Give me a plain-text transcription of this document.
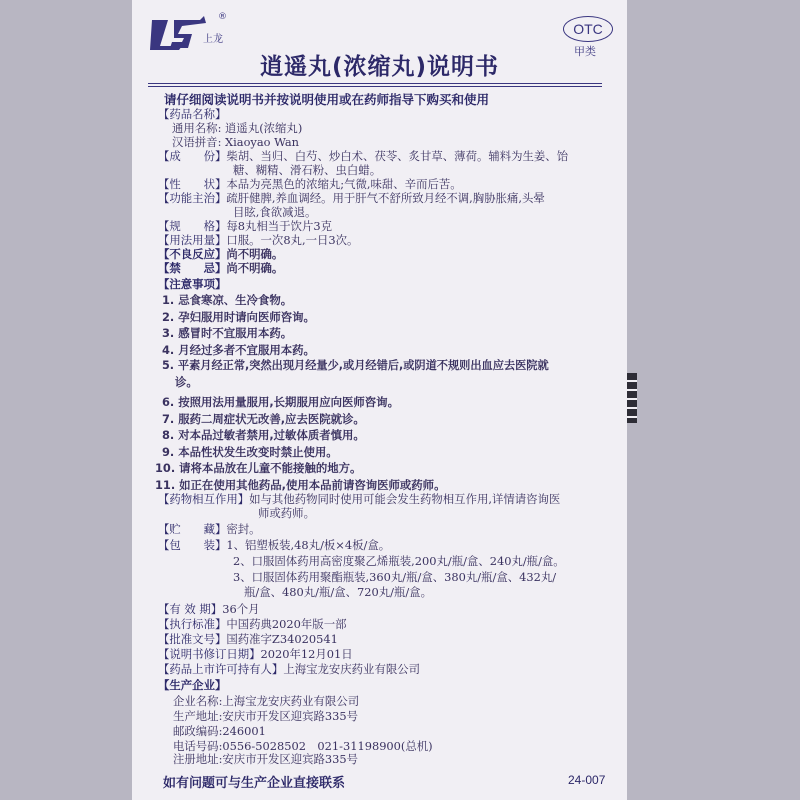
上龙
®
OTC
甲类
逍遥丸(浓缩丸)说明书
请仔细阅读说明书并按说明使用或在药师指导下购买和使用
【药品名称】
通用名称: 逍遥丸(浓缩丸)
汉语拼音: Xiaoyao Wan
【成　　份】柴胡、当归、白芍、炒白术、茯苓、炙甘草、薄荷。辅料为生姜、饴
糖、糊精、滑石粉、虫白蜡。
【性　　状】本品为亮黑色的浓缩丸;气微,味甜、辛而后苦。
【功能主治】疏肝健脾,养血调经。用于肝气不舒所致月经不调,胸胁胀痛,头晕
目眩,食欲减退。
【规　　格】每8丸相当于饮片3克
【用法用量】口服。一次8丸,一日3次。
【不良反应】尚不明确。
【禁　　忌】尚不明确。
【注意事项】
1. 忌食寒凉、生冷食物。
2. 孕妇服用时请向医师咨询。
3. 感冒时不宜服用本药。
4. 月经过多者不宜服用本药。
5. 平素月经正常,突然出现月经量少,或月经错后,或阴道不规则出血应去医院就
诊。
6. 按照用法用量服用,长期服用应向医师咨询。
7. 服药二周症状无改善,应去医院就诊。
8. 对本品过敏者禁用,过敏体质者慎用。
9. 本品性状发生改变时禁止使用。
10. 请将本品放在儿童不能接触的地方。
11. 如正在使用其他药品,使用本品前请咨询医师或药师。
【药物相互作用】如与其他药物同时使用可能会发生药物相互作用,详情请咨询医
师或药师。
【贮　　藏】密封。
【包　　装】1、铝塑板装,48丸/板×4板/盒。
2、口服固体药用高密度聚乙烯瓶装,200丸/瓶/盒、240丸/瓶/盒。
3、口服固体药用聚酯瓶装,360丸/瓶/盒、380丸/瓶/盒、432丸/
瓶/盒、480丸/瓶/盒、720丸/瓶/盒。
【有 效 期】36个月
【执行标准】中国药典2020年版一部
【批准文号】国药准字Z34020541
【说明书修订日期】2020年12月01日
【药品上市许可持有人】上海宝龙安庆药业有限公司
【生产企业】
企业名称:上海宝龙安庆药业有限公司
生产地址:安庆市开发区迎宾路335号
邮政编码:246001
电话号码:0556-5028502　021-31198900(总机)
注册地址:安庆市开发区迎宾路335号
如有问题可与生产企业直接联系	24-007
